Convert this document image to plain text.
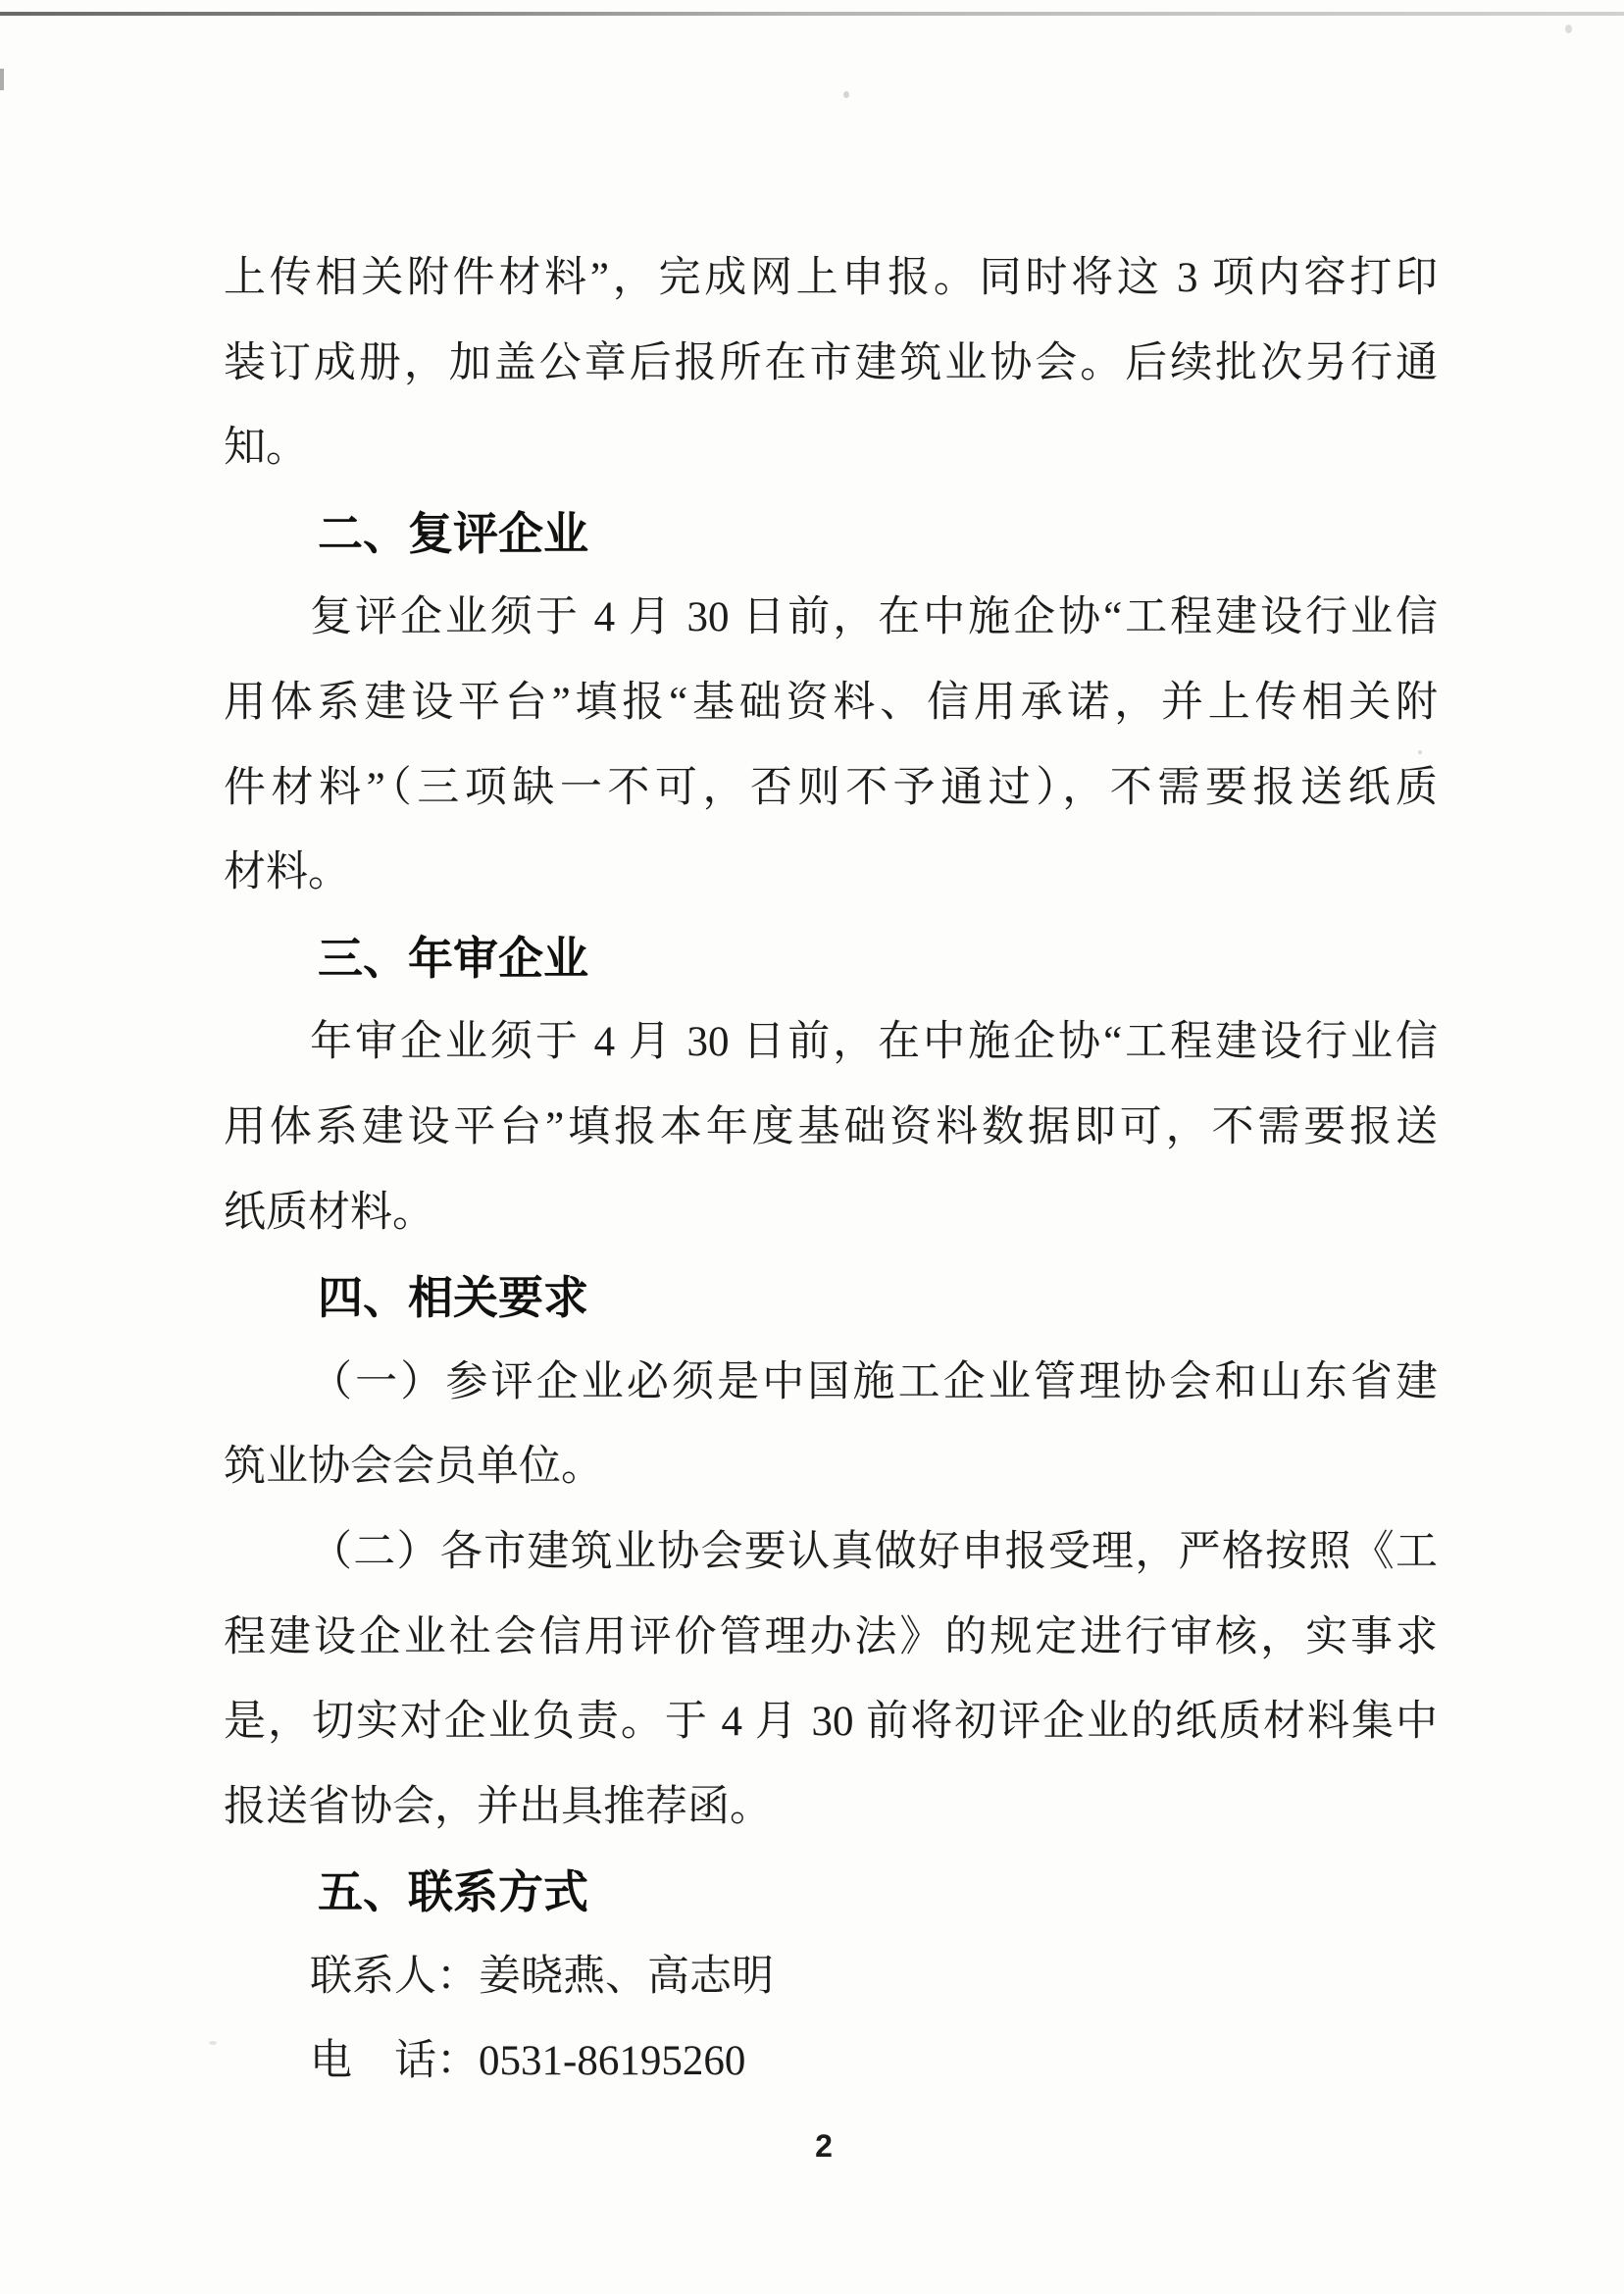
上传相关附件材料”，完成网上申报。同时将这 3 项内容打印
装订成册，加盖公章后报所在市建筑业协会。后续批次另行通
知。
二、复评企业
复评企业须于 4 月 30 日前，在中施企协“工程建设行业信
用体系建设平台”填报“基础资料、信用承诺，并上传相关附
件材料”（三项缺一不可，否则不予通过），不需要报送纸质
材料。
三、年审企业
年审企业须于 4 月 30 日前，在中施企协“工程建设行业信
用体系建设平台”填报本年度基础资料数据即可，不需要报送
纸质材料。
四、相关要求
（一）参评企业必须是中国施工企业管理协会和山东省建
筑业协会会员单位。
（二）各市建筑业协会要认真做好申报受理，严格按照《工
程建设企业社会信用评价管理办法》的规定进行审核，实事求
是，切实对企业负责。于 4 月 30 前将初评企业的纸质材料集中
报送省协会，并出具推荐函。
五、联系方式
联系人：姜晓燕、高志明
电　话：0531-86195260
2
